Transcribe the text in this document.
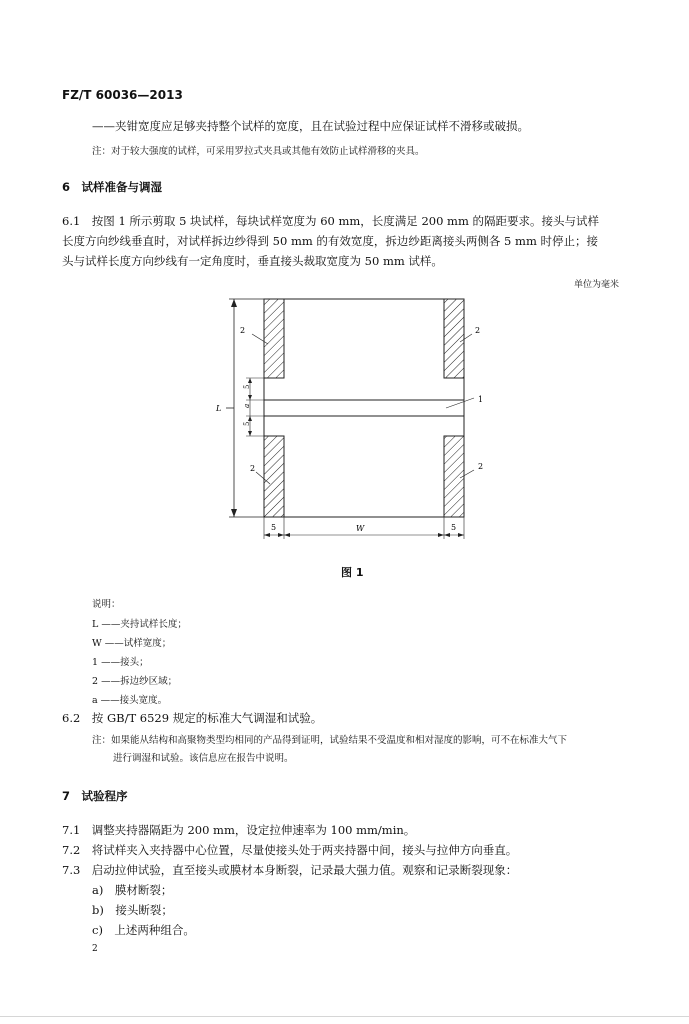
FZ/T 60036—2013
——夹钳宽度应足够夹持整个试样的宽度，且在试验过程中应保证试样不滑移或破损。
注：对于较大强度的试样，可采用罗拉式夹具或其他有效防止试样滑移的夹具。
6　试样准备与调湿
6.1　按图 1 所示剪取 5 块试样，每块试样宽度为 60 mm，长度满足 200 mm 的隔距要求。接头与试样
长度方向纱线垂直时，对试样拆边纱得到 50 mm 的有效宽度，拆边纱距离接头两侧各 5 mm 时停止；接
头与试样长度方向纱线有一定角度时，垂直接头裁取宽度为 50 mm 试样。
单位为毫米
2	2
1
2	2
L
5
a
5
5	W	5
图 1
说明：
L ——夹持试样长度；
W ——试样宽度；
1 ——接头；
2 ——拆边纱区域；
a ——接头宽度。
6.2　按 GB/T 6529 规定的标准大气调湿和试验。
注：如果能从结构和高聚物类型均相同的产品得到证明，试验结果不受温度和相对湿度的影响，可不在标准大气下
进行调湿和试验。该信息应在报告中说明。
7　试验程序
7.1　调整夹持器隔距为 200 mm，设定拉伸速率为 100 mm/min。
7.2　将试样夹入夹持器中心位置，尽量使接头处于两夹持器中间，接头与拉伸方向垂直。
7.3　启动拉伸试验，直至接头或膜材本身断裂，记录最大强力值。观察和记录断裂现象：
a)　膜材断裂；
b)　接头断裂；
c)　上述两种组合。
2
